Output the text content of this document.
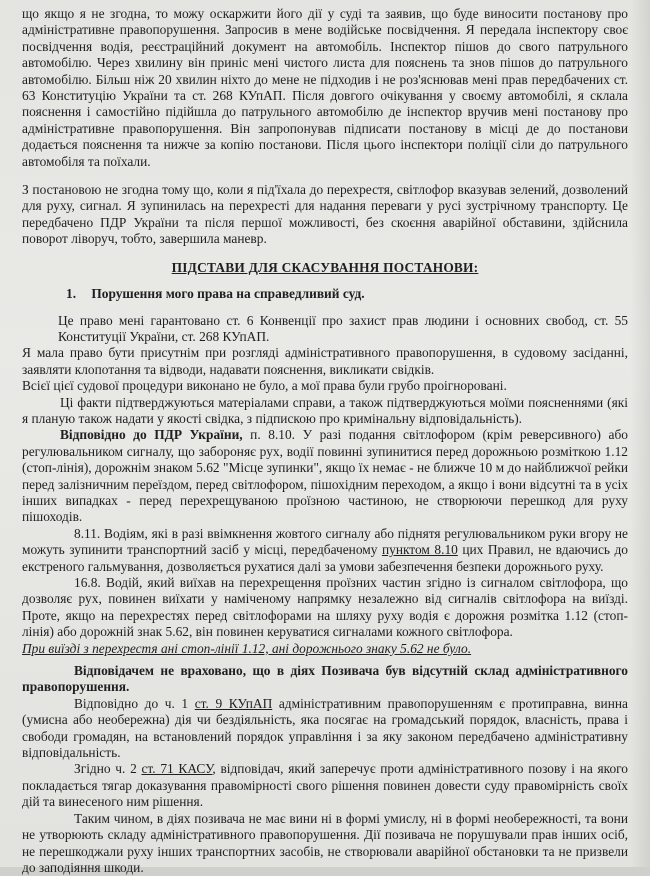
що якщо я не згодна, то можу оскаржити його дії у суді та заявив, що буде виносити постанову про адміністративне правопорушення. Запросив в мене водійське посвідчення. Я передала інспектору своє посвідчення водія, реєстраційний документ на автомобіль. Інспектор пішов до свого патрульного автомобілю. Через хвилину він приніс мені чистого листа для пояснень та знов пішов до патрульного автомобілю. Більш ніж 20 хвилин ніхто до мене не підходив і не роз'яснював мені прав передбачених ст. 63 Конституцію України та ст. 268 КУпАП. Після довгого очікування у своєму автомобілі, я склала пояснення і самостійно підійшла до патрульного автомобілю де інспектор вручив мені постанову про адміністративне правопорушення. Він запропонував підписати постанову в місці де до постанови додається пояснення та нижче за копію постанови. Після цього інспектори поліції сіли до патрульного автомобіля та поїхали.

З постановою не згодна тому що, коли я під'їхала до перехрестя, світлофор вказував зелений, дозволений для руху, сигнал. Я зупинилась на перехресті для надання переваги у русі зустрічному транспорту. Це передбачено ПДР України та після першої можливості, без скоєння аварійної обставини, здійснила поворот ліворуч, тобто, завершила маневр.

ПІДСТАВИ ДЛЯ СКАСУВАННЯ ПОСТАНОВИ:
1. Порушення мого права на справедливий суд.

Це право мені гарантовано ст. 6 Конвенції про захист прав людини і основних свобод, ст. 55 Конституції України, ст. 268 КУпАП.

Я мала право бути присутнім при розгляді адміністративного правопорушення, в судовому засіданні, заявляти клопотання та відводи, надавати пояснення, викликати свідків.

Всієї цієї судової процедури виконано не було, а мої права були грубо проігноровані.

Ці факти підтверджуються матеріалами справи, а також підтверджуються моїми поясненнями (які я планую також надати у якості свідка, з підпискою про кримінальну відповідальність).

Відповідно до ПДР України, п. 8.10. У разі подання світлофором (крім реверсивного) або регулювальником сигналу, що забороняє рух, водії повинні зупинитися перед дорожньою розміткою 1.12 (стоп-лінія), дорожнім знаком 5.62 "Місце зупинки", якщо їх немає - не ближче 10 м до найближчої рейки перед залізничним переїздом, перед світлофором, пішохідним переходом, а якщо і вони відсутні та в усіх інших випадках - перед перехрещуваною проїзною частиною, не створюючи перешкод для руху пішоходів.

8.11. Водіям, які в разі ввімкнення жовтого сигналу або піднятя регулювальником руки вгору не можуть зупинити транспортний засіб у місці, передбаченому пунктом 8.10 цих Правил, не вдаючись до екстреного гальмування, дозволяється рухатися далі за умови забезпечення безпеки дорожнього руху.

16.8. Водій, який виїхав на перехрещення проїзних частин згідно із сигналом світлофора, що дозволяє рух, повинен виїхати у наміченому напрямку незалежно від сигналів світлофора на виїзді. Проте, якщо на перехрестях перед світлофорами на шляху руху водія є дорожня розмітка 1.12 (стоп-лінія) або дорожній знак 5.62, він повинен керуватися сигналами кожного світлофора.

При виїзді з перехрестя ані стоп-лінії 1.12, ані дорожнього знаку 5.62 не було.

Відповідачем не враховано, що в діях Позивача був відсутній склад адміністративного правопорушення.

Відповідно до ч. 1 ст. 9 КУпАП адміністративним правопорушенням є протиправна, винна (умисна або необережна) дія чи бездіяльність, яка посягає на громадський порядок, власність, права і свободи громадян, на встановлений порядок управління і за яку законом передбачено адміністративну відповідальність.

Згідно ч. 2 ст. 71 КАСУ, відповідач, який заперечує проти адміністративного позову і на якого покладається тягар доказування правомірності свого рішення повинен довести суду правомірність своїх дій та винесеного ним рішення.

Таким чином, в діях позивача не має вини ні в формі умислу, ні в формі необережності, та вони не утворюють складу адміністративного правопорушення. Дії позивача не порушували прав інших осіб, не перешкоджали руху інших транспортних засобів, не створювали аварійної обстановки та не призвели до заподіяння шкоди.
